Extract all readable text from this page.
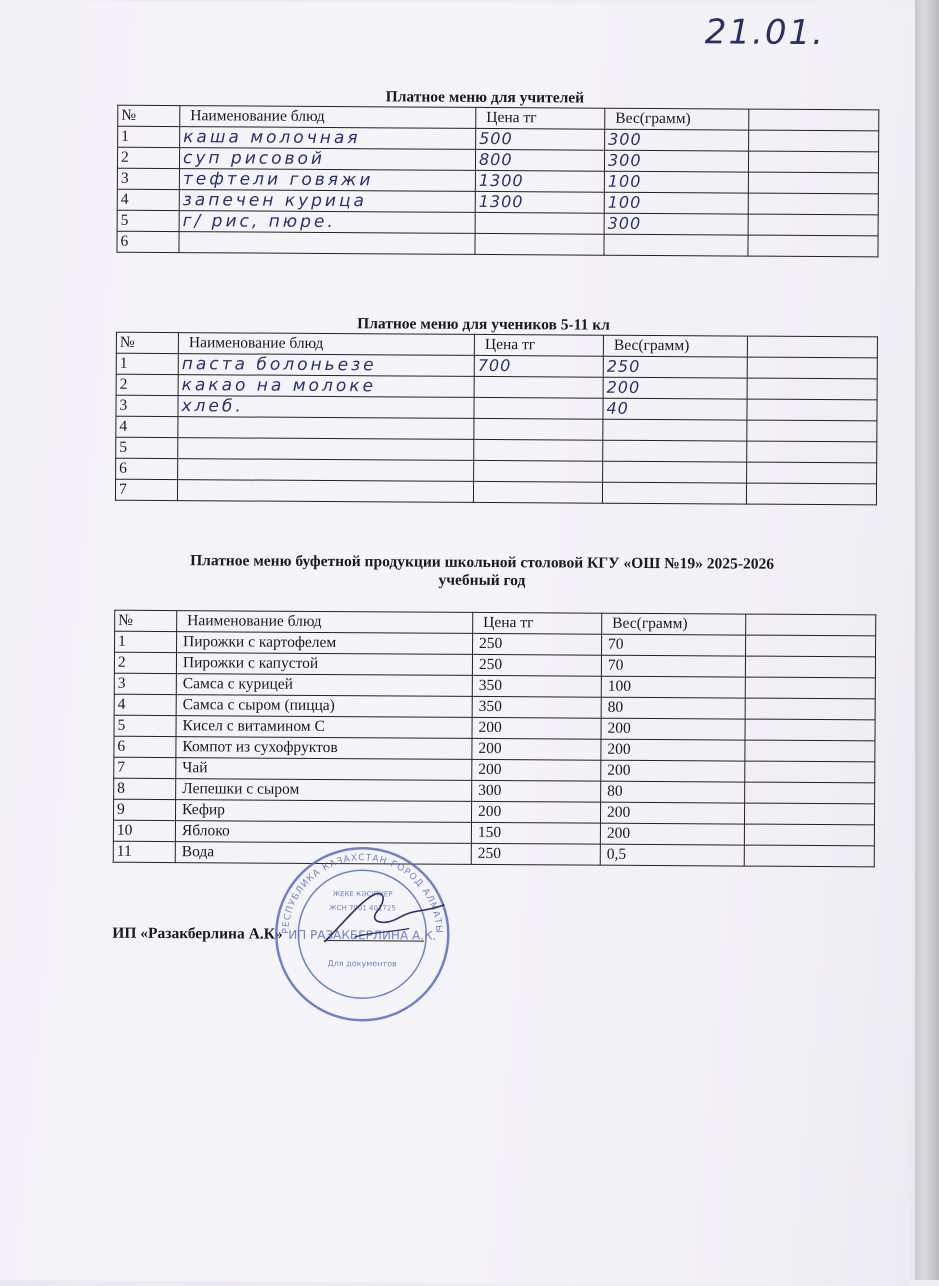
21.01.
Платное меню для учителей
№	Наименование блюд	Цена тг	Вес(грамм)	
1	каша молочная	500	300	
2	суп рисовой	800	300	
3	тефтели говяжи	1300	100	
4	запечен курица	1300	100	
5	г/ рис, пюре.		300	
6				
Платное меню для учеников 5-11 кл
№	Наименование блюд	Цена тг	Вес(грамм)	
1	паста болоньезе	700	250	
2	какао на молоке		200	
3	хлеб.		40	
4				
5				
6				
7				
Платное меню буфетной продукции школьной столовой КГУ «ОШ №19» 2025-2026
учебный год
№	Наименование блюд	Цена тг	Вес(грамм)	
1	Пирожки с картофелем	250	70	
2	Пирожки с капустой	250	70	
3	Самса с курицей	350	100	
4	Самса с сыром (пицца)	350	80	
5	Кисел с витамином С	200	200	
6	Компот из сухофруктов	200	200	
7	Чай	200	200	
8	Лепешки с сыром	300	80	
9	Кефир	200	200	
10	Яблоко	150	200	
11	Вода	250	0,5	
ИП «Разакберлина А.К»
РЕСПУБЛИКА КАЗАХСТАН ГОРОД АЛМАТЫ
ЖЕКЕ КӘСІПКЕР
ЖСН 7901 401725
ИП РАЗАКБЕРЛИНА А.К.
Для документов
